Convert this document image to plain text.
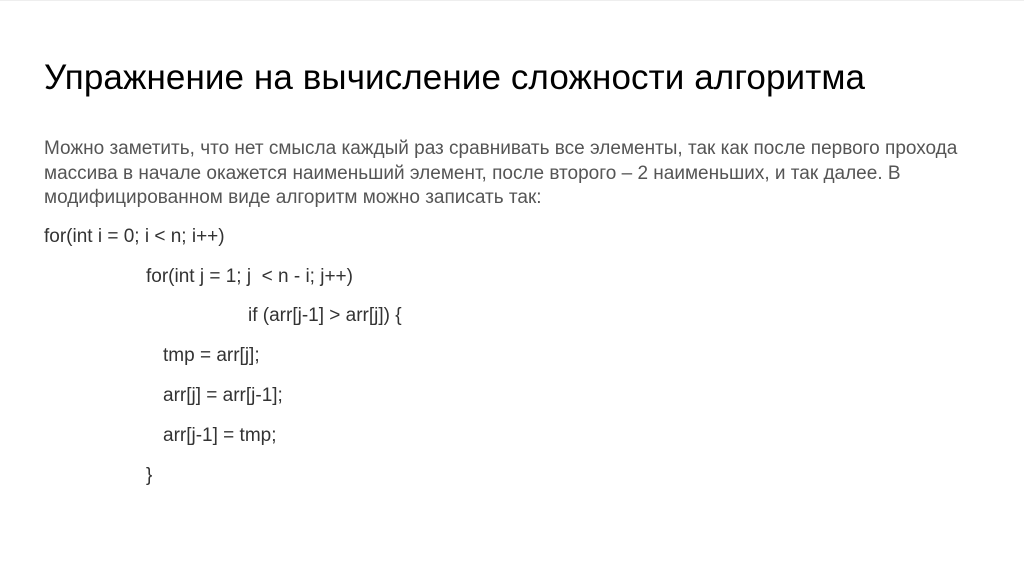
Упражнение на вычисление сложности алгоритма

Можно заметить, что нет смысла каждый раз сравнивать все элементы, так как после первого прохода массива в начале окажется наименьший элемент, после второго – 2 наименьших, и так далее. В модифицированном виде алгоритм можно записать так:

for(int i = 0; i < n; i++)

for(int j = 1; j  < n - i; j++)

if (arr[j-1] > arr[j]) {

tmp = arr[j];

arr[j] = arr[j-1];

arr[j-1] = tmp;

}
